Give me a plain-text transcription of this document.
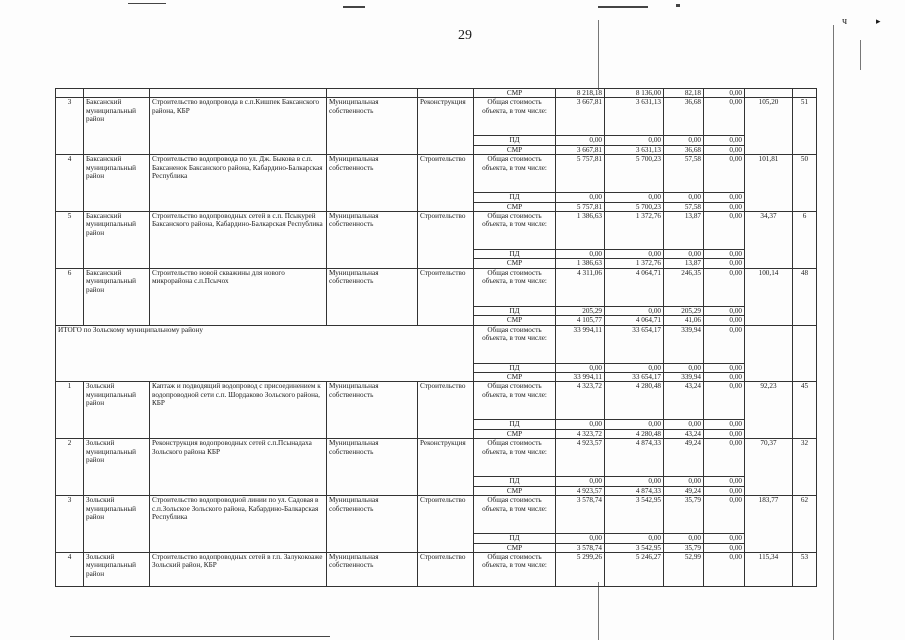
29
ч	▸
					СМР	8 218,18	8 136,00	82,18	0,00		
3	Баксанский муниципальный район	Строительство водопровода в с.п.Кишпек Баксанского района, КБР	Муниципальная собственность	Реконструкция	Общая стоимость объекта, в том числе:	3 667,81	3 631,13	36,68	0,00	105,20	51
					ПД	0,00	0,00	0,00	0,00		
					СМР	3 667,81	3 631,13	36,68	0,00		
4	Баксанский муниципальный район	Строительство водопровода по ул. Дж. Быкова в с.п. Баксаненок Баксанского района, Кабардино-Балкарская Республика	Муниципальная собственность	Строительство	Общая стоимость объекта, в том числе:	5 757,81	5 700,23	57,58	0,00	101,81	50
					ПД	0,00	0,00	0,00	0,00		
					СМР	5 757,81	5 700,23	57,58	0,00		
5	Баксанский муниципальный район	Строительство водопроводных сетей в с.п. Псыкурей Баксанского района, Кабардино-Балкарская Республика	Муниципальная собственность	Строительство	Общая стоимость объекта, в том числе:	1 386,63	1 372,76	13,87	0,00	34,37	6
					ПД	0,00	0,00	0,00	0,00		
					СМР	1 386,63	1 372,76	13,87	0,00		
6	Баксанский муниципальный район	Строительство новой скважины для нового микрорайона с.п.Псычох	Муниципальная собственность	Строительство	Общая стоимость объекта, в том числе:	4 311,06	4 064,71	246,35	0,00	100,14	48
					ПД	205,29	0,00	205,29	0,00		
					СМР	4 105,77	4 064,71	41,06	0,00		
ИТОГО по Зольскому муниципальному району					Общая стоимость объекта, в том числе:	33 994,11	33 654,17	339,94	0,00		
					ПД	0,00	0,00	0,00	0,00		
					СМР	33 994,11	33 654,17	339,94	0,00		
1	Зольский муниципальный район	Каптаж и подводящий водопровод с присоединением к водопроводной сети с.п. Шордаково Зольского района, КБР	Муниципальная собственность	Строительство	Общая стоимость объекта, в том числе:	4 323,72	4 280,48	43,24	0,00	92,23	45
					ПД	0,00	0,00	0,00	0,00		
					СМР	4 323,72	4 280,48	43,24	0,00		
2	Зольский муниципальный район	Реконструкция водопроводных сетей с.п.Псынадаха Зольского района КБР	Муниципальная собственность	Реконструкция	Общая стоимость объекта, в том числе:	4 923,57	4 874,33	49,24	0,00	70,37	32
					ПД	0,00	0,00	0,00	0,00		
					СМР	4 923,57	4 874,33	49,24	0,00		
3	Зольский муниципальный район	Строительство водопроводной линии по ул. Садовая в с.п.Зольское Зольского района, Кабардино-Балкарская Республика	Муниципальная собственность	Строительство	Общая стоимость объекта, в том числе:	3 578,74	3 542,95	35,79	0,00	183,77	62
					ПД	0,00	0,00	0,00	0,00		
					СМР	3 578,74	3 542,95	35,79	0,00		
4	Зольский муниципальный район	Строительство водопроводных сетей в г.п. Залукокоаже Зольский район, КБР	Муниципальная собственность	Строительство	Общая стоимость объекта, в том числе:	5 299,26	5 246,27	52,99	0,00	115,34	53
